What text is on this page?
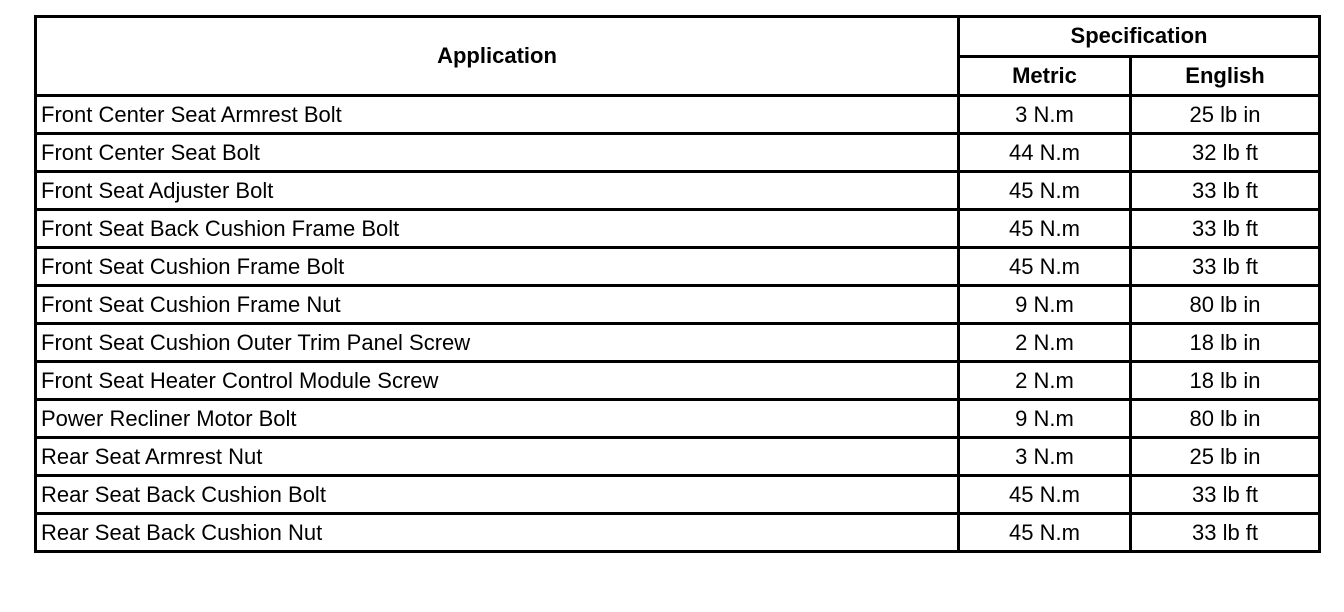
Application	Specification	
	Metric	English
Front Center Seat Armrest Bolt	3 N.m	25 lb in
Front Center Seat Bolt	44 N.m	32 lb ft
Front Seat Adjuster Bolt	45 N.m	33 lb ft
Front Seat Back Cushion Frame Bolt	45 N.m	33 lb ft
Front Seat Cushion Frame Bolt	45 N.m	33 lb ft
Front Seat Cushion Frame Nut	9 N.m	80 lb in
Front Seat Cushion Outer Trim Panel Screw	2 N.m	18 lb in
Front Seat Heater Control Module Screw	2 N.m	18 lb in
Power Recliner Motor Bolt	9 N.m	80 lb in
Rear Seat Armrest Nut	3 N.m	25 lb in
Rear Seat Back Cushion Bolt	45 N.m	33 lb ft
Rear Seat Back Cushion Nut	45 N.m	33 lb ft
